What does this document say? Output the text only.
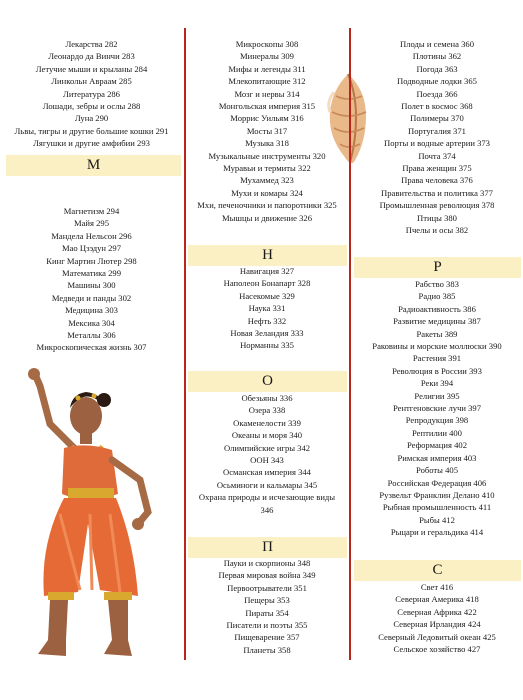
Лекарства 282
Леонардо да Винчи 283
Летучие мыши и крыланы 284
Линкольн Авраам 285
Литература 286
Лошади, зебры и ослы 288
Луна 290
Львы, тигры и другие большие кошки 291
Лягушки и другие амфибии 293
Магнетизм 294
Майя 295
Мандела Нельсон 296
Мао Цзэдун 297
Кинг Мартин Лютер 298
Математика 299
Машины 300
Медведи и панды 302
Медицина 303
Мексика 304
Металлы 306
Микроскопическая жизнь 307
М
Микроскопы 308
Минералы 309
Мифы и легенды 311
Млекопитающие 312
Мозг и нервы 314
Монгольская империя 315
Моррис Уильям 316
Мосты 317
Музыка 318
Музыкальные инструменты 320
Муравьи и термиты 322
Мухаммед 323
Мухи и комары 324
Мхи, печеночники и папоротники 325
Мышцы и движение 326
Навигация 327
Наполеон Бонапарт 328
Насекомые 329
Наука 331
Нефть 332
Новая Зеландия 333
Норманны 335
Обезьяны 336
Озера 338
Окаменелости 339
Океаны и моря 340
Олимпийские игры 342
ООН 343
Османская империя 344
Осьминоги и кальмары 345
Охрана природы и исчезающие виды 346
Пауки и скорпионы 348
Первая мировая война 349
Первоотрыватели 351
Пещеры 353
Пираты 354
Писатели и поэты 355
Пищеварение 357
Планеты 358
Н
О
П
Плоды и семена 360
Плотины 362
Погода 363
Подводные лодки 365
Поезда 366
Полет в космос 368
Полимеры 370
Португалия 371
Порты и водные артерии 373
Почта 374
Права женщин 375
Права человека 376
Правительства и политика 377
Промышленная революция 378
Птицы 380
Пчелы и осы 382
Рабство 383
Радио 385
Радиоактивность 386
Развитие медицины 387
Ракеты 389
Раковины и морские моллюски 390
Растения 391
Революция в России 393
Реки 394
Религии 395
Рентгеновские лучи 397
Репродукция 398
Рептилии 400
Реформация 402
Римская империя 403
Роботы 405
Российская Федерация 406
Рузвельт Франклин Делано 410
Рыбная промышленность 411
Рыбы 412
Рыцари и геральдика 414
Свет 416
Северная Америка 418
Северная Африка 422
Северная Ирландия 424
Северный Ледовитый океан 425
Сельское хозяйство 427
Р
С
